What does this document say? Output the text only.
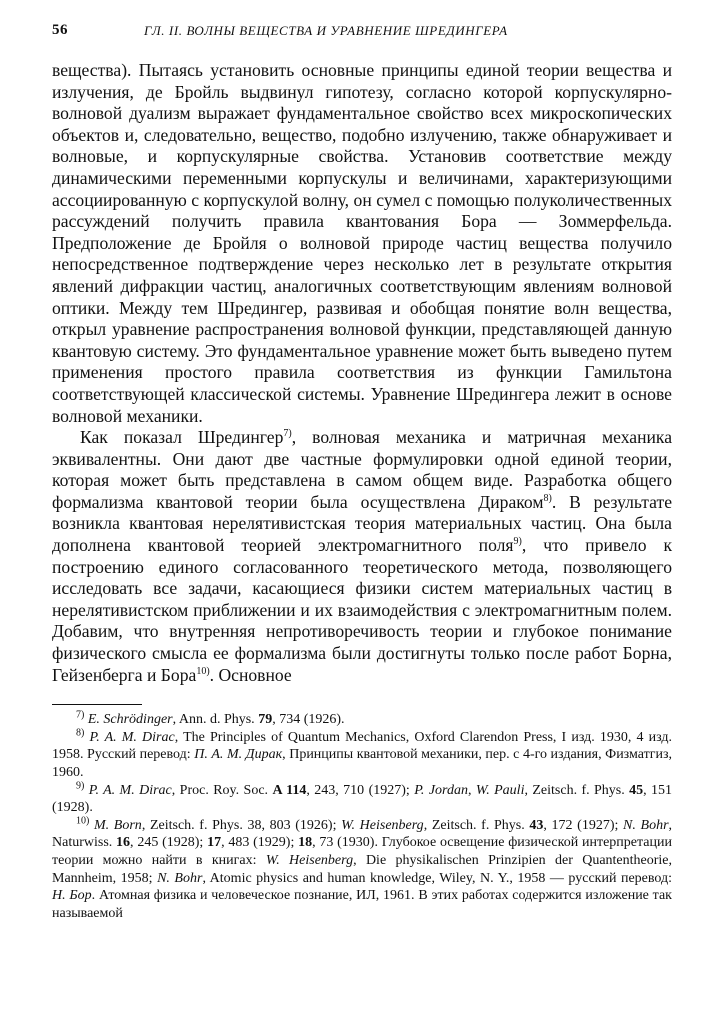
56	ГЛ. II. ВОЛНЫ ВЕЩЕСТВА И УРАВНЕНИЕ ШРЕДИНГЕРА

вещества). Пытаясь установить основные принципы единой теории вещества и излучения, де Бройль выдвинул гипотезу, согласно которой корпускулярно-волновой дуализм выражает фундаментальное свойство всех микроскопических объектов и, следовательно, вещество, подобно излучению, также обнаруживает и волновые, и корпускулярные свойства. Установив соответствие между динамическими переменными корпускулы и величинами, характеризующими ассоциированную с корпускулой волну, он сумел с помощью полуколичественных рассуждений получить правила квантования Бора — Зоммерфельда. Предположение де Бройля о волновой природе частиц вещества получило непосредственное подтверждение через несколько лет в результате открытия явлений дифракции частиц, аналогичных соответствующим явлениям волновой оптики. Между тем Шредингер, развивая и обобщая понятие волн вещества, открыл уравнение распространения волновой функции, представляющей данную квантовую систему. Это фундаментальное уравнение может быть выведено путем применения простого правила соответствия из функции Гамильтона соответствующей классической системы. Уравнение Шредингера лежит в основе волновой механики.

Как показал Шредингер$^{7)}$, волновая механика и матричная механика эквивалентны. Они дают две частные формулировки одной единой теории, которая может быть представлена в самом общем виде. Разработка общего формализма квантовой теории была осуществлена Дираком$^{8)}$. В результате возникла квантовая нерелятивистская теория материальных частиц. Она была дополнена квантовой теорией электромагнитного поля$^{9)}$, что привело к построению единого согласованного теоретического метода, позволяющего исследовать все задачи, касающиеся физики систем материальных частиц в нерелятивистском приближении и их взаимодействия с электромагнитным полем. Добавим, что внутренняя непротиворечивость теории и глубокое понимание физического смысла ее формализма были достигнуты только после работ Борна, Гейзенберга и Бора$^{10)}$. Основное

$^{7)}$ E. Schrödinger, Ann. d. Phys. 79, 734 (1926).

$^{8)}$ P. A. M. Dirac, The Principles of Quantum Mechanics, Oxford Clarendon Press, I изд. 1930, 4 изд. 1958. Русский перевод: П. А. М. Дирак, Принципы квантовой механики, пер. с 4-го издания, Физматгиз, 1960.

$^{9)}$ P. A. M. Dirac, Proc. Roy. Soc. A 114, 243, 710 (1927); P. Jordan, W. Pauli, Zeitsch. f. Phys. 45, 151 (1928).

$^{10)}$ M. Born, Zeitsch. f. Phys. 38, 803 (1926); W. Heisenberg, Zeitsch. f. Phys. 43, 172 (1927); N. Bohr, Naturwiss. 16, 245 (1928); 17, 483 (1929); 18, 73 (1930). Глубокое освещение физической интерпретации теории можно найти в книгах: W. Heisenberg, Die physikalischen Prinzipien der Quantentheorie, Mannheim, 1958; N. Bohr, Atomic physics and human knowledge, Wiley, N. Y., 1958 — русский перевод: Н. Бор. Атомная физика и человеческое познание, ИЛ, 1961. В этих работах содержится изложение так называемой
